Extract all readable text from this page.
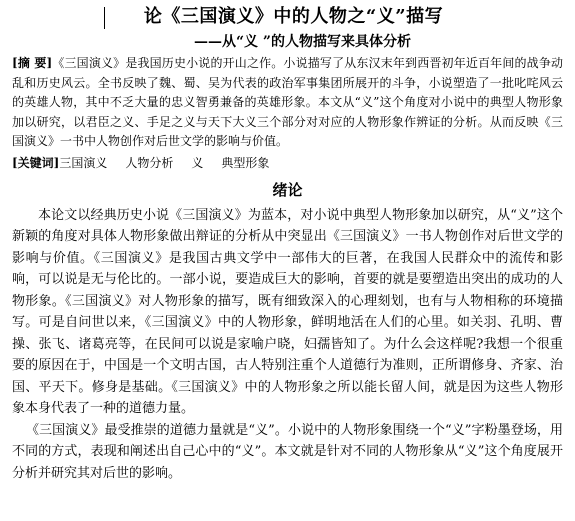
论《三国演义》中的人物之“义”描写
——从“义 ”的人物描写来具体分析

[摘 要]《三国演义》是我国历史小说的开山之作。小说描写了从东汉末年到西晋初年近百年间的战争动乱和历史风云。全书反映了魏、蜀、吴为代表的政治军事集团所展开的斗争，小说塑造了一批叱咤风云的英雄人物，其中不乏大量的忠义智勇兼备的英雄形象。本文从“义”这个角度对小说中的典型人物形象加以研究，以君臣之义、手足之义与天下大义三个部分对对应的人物形象作辨证的分析。从而反映《三国演义》一书中人物创作对后世文学的影响与价值。

[关键词]三国演义 人物分析 义 典型形象

绪论

本论文以经典历史小说《三国演义》为蓝本，对小说中典型人物形象加以研究，从“义”这个新颖的角度对具体人物形象做出辩证的分析从中突显出《三国演义》一书人物创作对后世文学的影响与价值。《三国演义》是我国古典文学中一部伟大的巨著，在我国人民群众中的流传和影响，可以说是无与伦比的。一部小说，要造成巨大的影响，首要的就是要塑造出突出的成功的人物形象。《三国演义》对人物形象的描写，既有细致深入的心理刻划，也有与人物相称的环境描写。可是自问世以来，《三国演义》中的人物形象，鲜明地活在人们的心里。如关羽、孔明、曹操、张飞、诸葛亮等，在民间可以说是家喻户晓，妇孺皆知了。为什么会这样呢?我想一个很重要的原因在于，中国是一个文明古国，古人特别注重个人道德行为准则，正所谓修身、齐家、治国、平天下。修身是基础。《三国演义》中的人物形象之所以能长留人间，就是因为这些人物形象本身代表了一种的道德力量。

《三国演义》最受推崇的道德力量就是“义”。小说中的人物形象围绕一个“义”字粉墨登场，用不同的方式，表现和阐述出自己心中的“义”。本文就是针对不同的人物形象从“义”这个角度展开分析并研究其对后世的影响。
